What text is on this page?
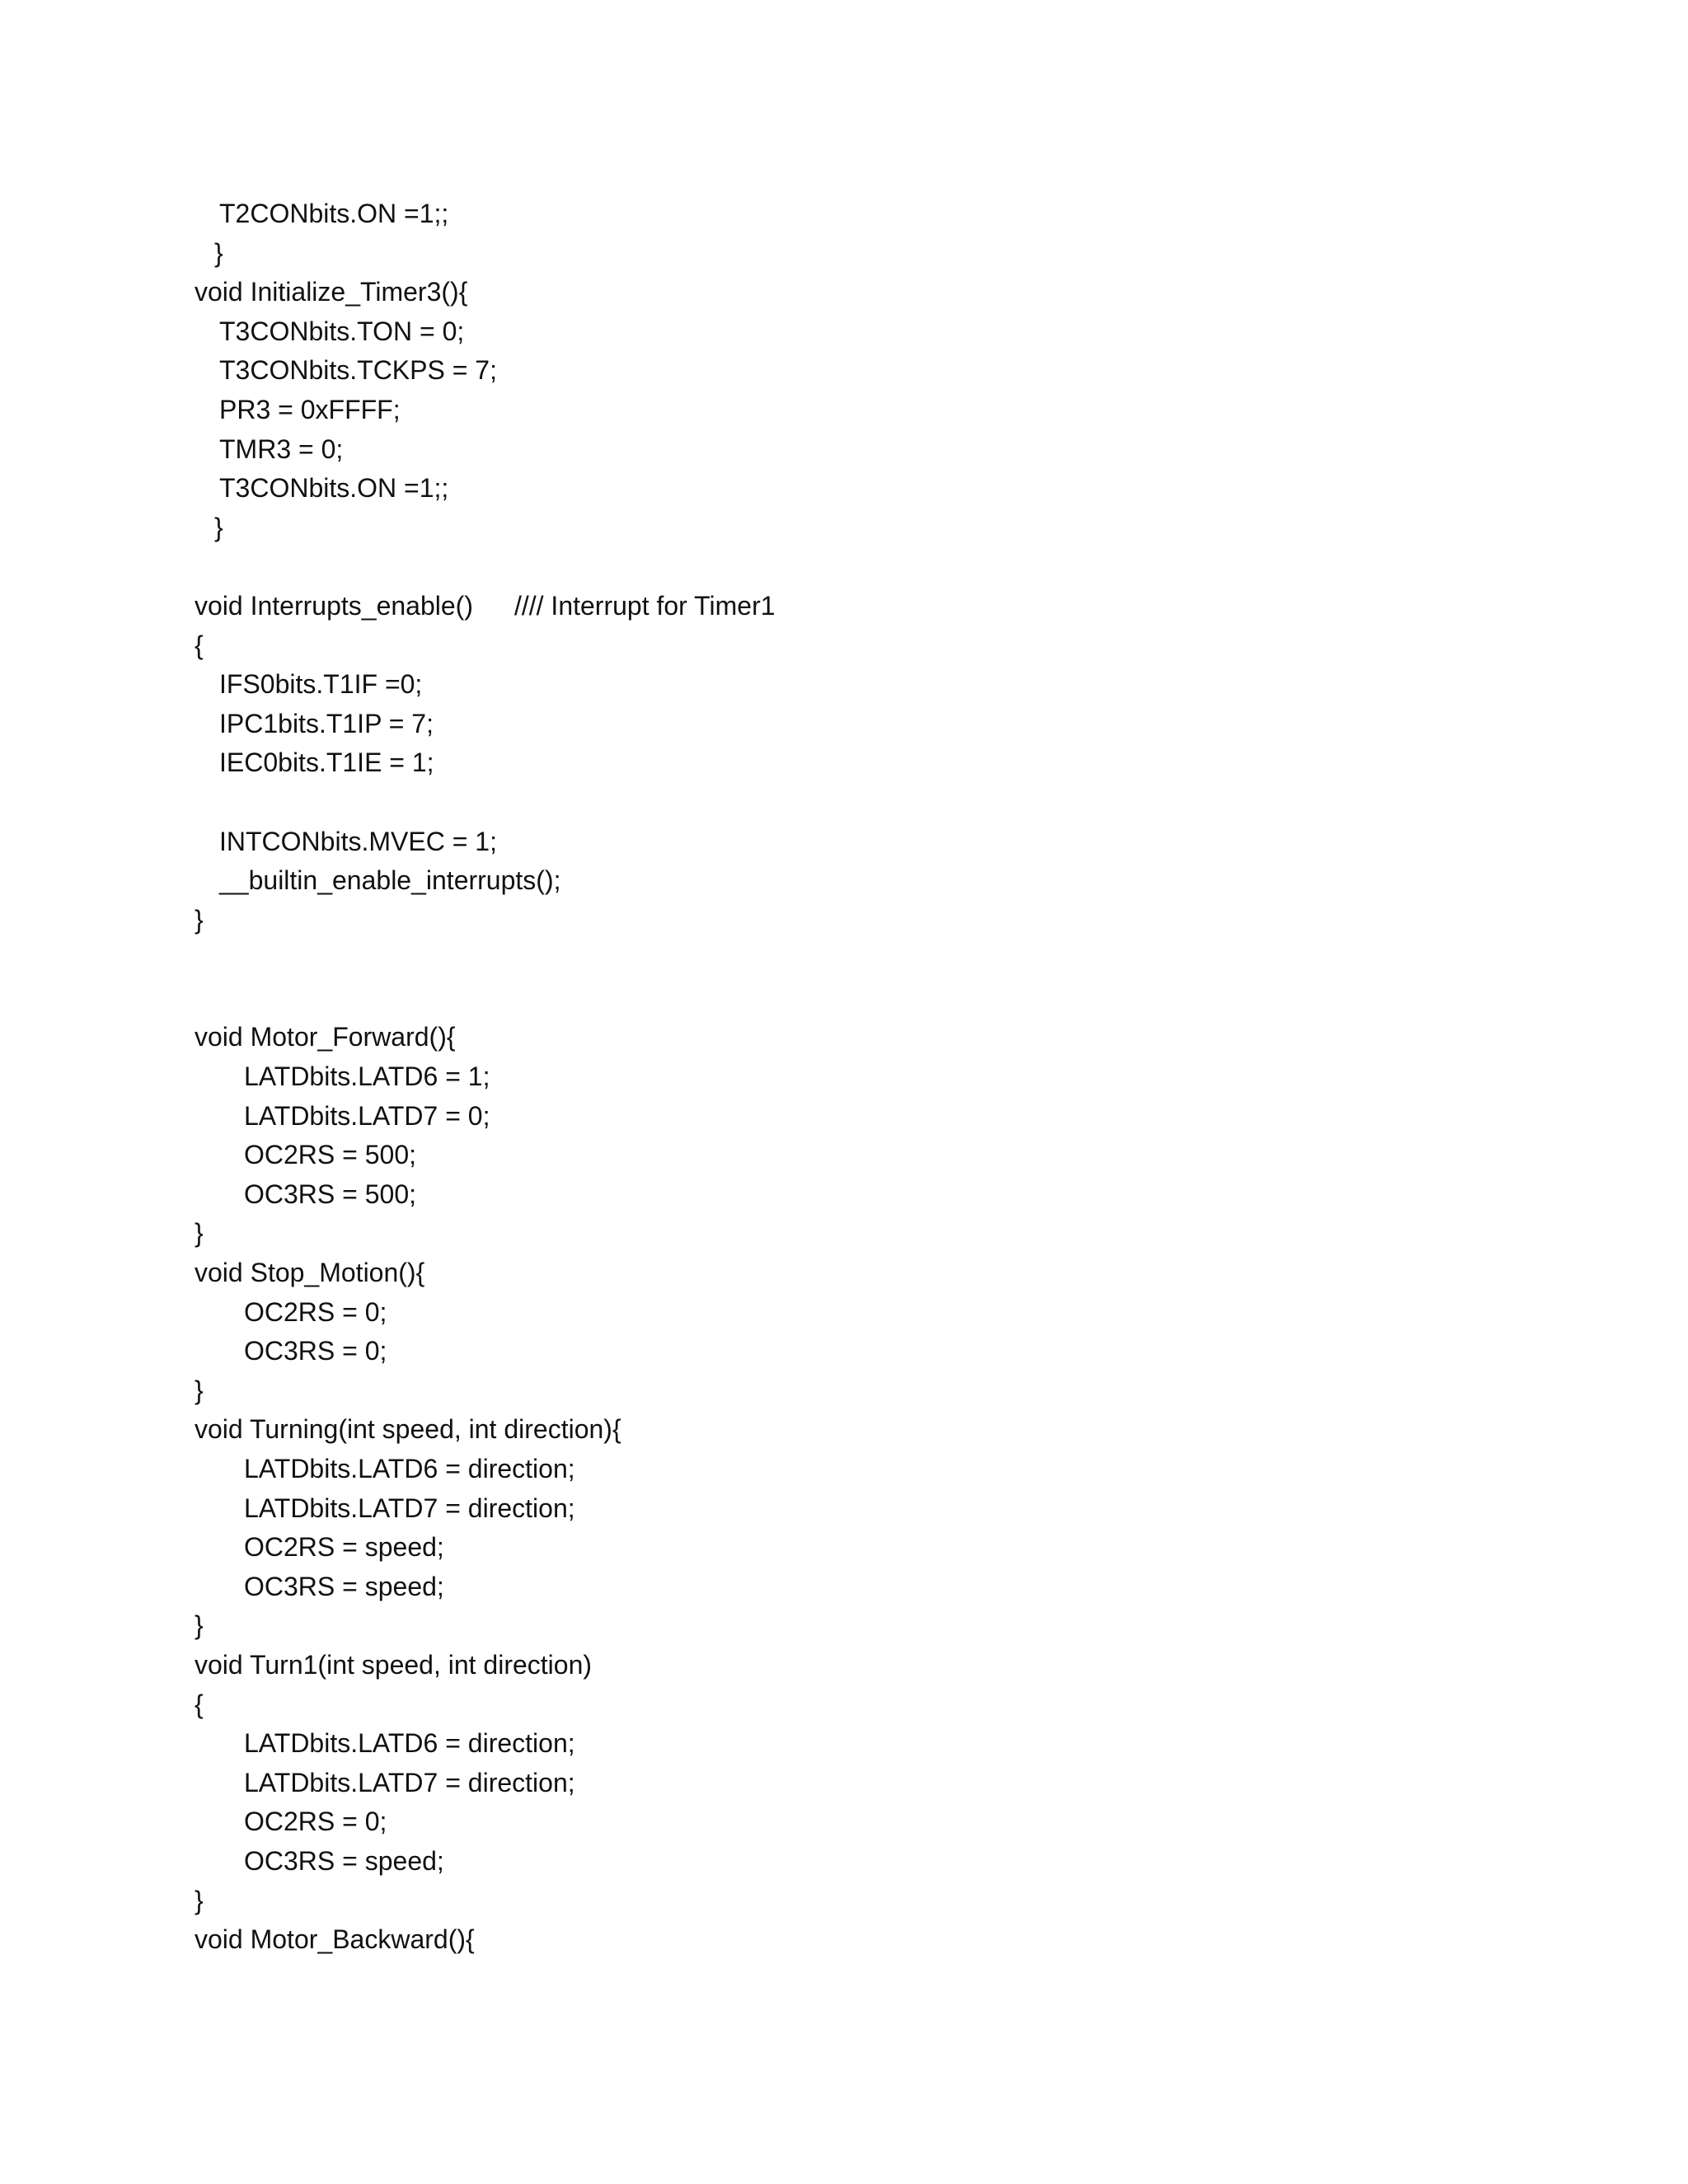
T2CONbits.ON =1;;
}
void Initialize_Timer3(){
T3CONbits.TON = 0;
T3CONbits.TCKPS = 7;
PR3 = 0xFFFF;
TMR3 = 0;
T3CONbits.ON =1;;
}
void Interrupts_enable() //// Interrupt for Timer1
{
IFS0bits.T1IF =0;
IPC1bits.T1IP = 7;
IEC0bits.T1IE = 1;
INTCONbits.MVEC = 1;
__builtin_enable_interrupts();
}
void Motor_Forward(){
LATDbits.LATD6 = 1;
LATDbits.LATD7 = 0;
OC2RS = 500;
OC3RS = 500;
}
void Stop_Motion(){
OC2RS = 0;
OC3RS = 0;
}
void Turning(int speed, int direction){
LATDbits.LATD6 = direction;
LATDbits.LATD7 = direction;
OC2RS = speed;
OC3RS = speed;
}
void Turn1(int speed, int direction)
{
LATDbits.LATD6 = direction;
LATDbits.LATD7 = direction;
OC2RS = 0;
OC3RS = speed;
}
void Motor_Backward(){
